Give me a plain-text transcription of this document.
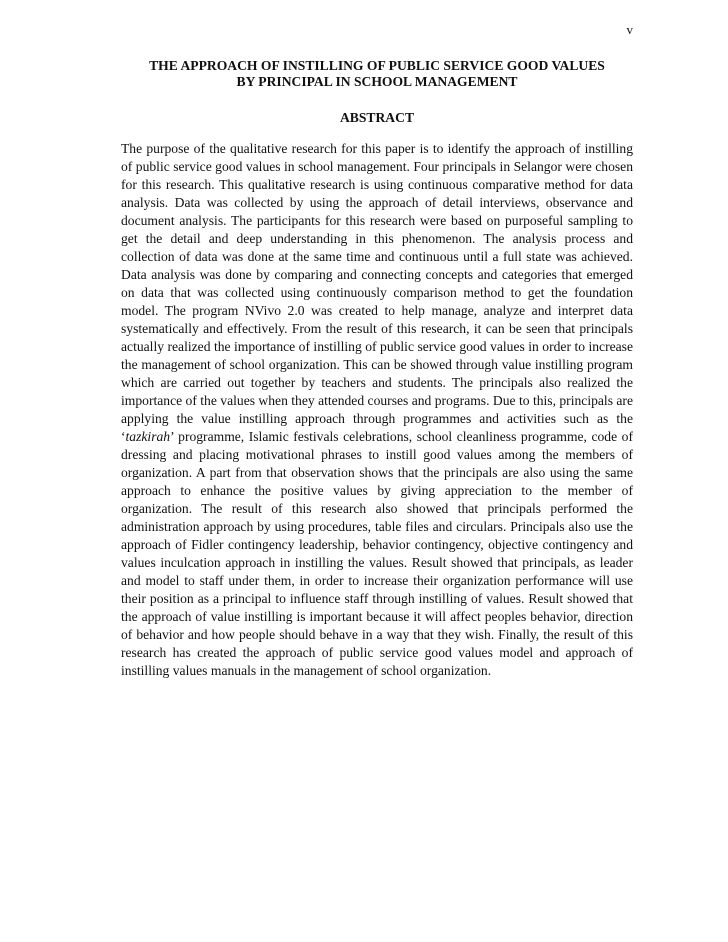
v
THE APPROACH OF INSTILLING OF PUBLIC SERVICE GOOD VALUES
BY PRINCIPAL IN SCHOOL MANAGEMENT
ABSTRACT

The purpose of the qualitative research for this paper is to identify the approach of instilling of public service good values in school management. Four principals in Selangor were chosen for this research. This qualitative research is using continuous comparative method for data analysis. Data was collected by using the approach of detail interviews, observance and document analysis. The participants for this research were based on purposeful sampling to get the detail and deep understanding in this phenomenon. The analysis process and collection of data was done at the same time and continuous until a full state was achieved. Data analysis was done by comparing and connecting concepts and categories that emerged on data that was collected using continuously comparison method to get the foundation model. The program NVivo 2.0 was created to help manage, analyze and interpret data systematically and effectively. From the result of this research, it can be seen that principals actually realized the importance of instilling of public service good values in order to increase the management of school organization. This can be showed through value instilling program which are carried out together by teachers and students. The principals also realized the importance of the values when they attended courses and programs. Due to this, principals are applying the value instilling approach through programmes and activities such as the ‘tazkirah’ programme, Islamic festivals celebrations, school cleanliness programme, code of dressing and placing motivational phrases to instill good values among the members of organization. A part from that observation shows that the principals are also using the same approach to enhance the positive values by giving appreciation to the member of organization. The result of this research also showed that principals performed the administration approach by using procedures, table files and circulars. Principals also use the approach of Fidler contingency leadership, behavior contingency, objective contingency and values inculcation approach in instilling the values. Result showed that principals, as leader and model to staff under them, in order to increase their organization performance will use their position as a principal to influence staff through instilling of values. Result showed that the approach of value instilling is important because it will affect peoples behavior, direction of behavior and how people should behave in a way that they wish. Finally, the result of this research has created the approach of public service good values model and approach of instilling values manuals in the management of school organization.
